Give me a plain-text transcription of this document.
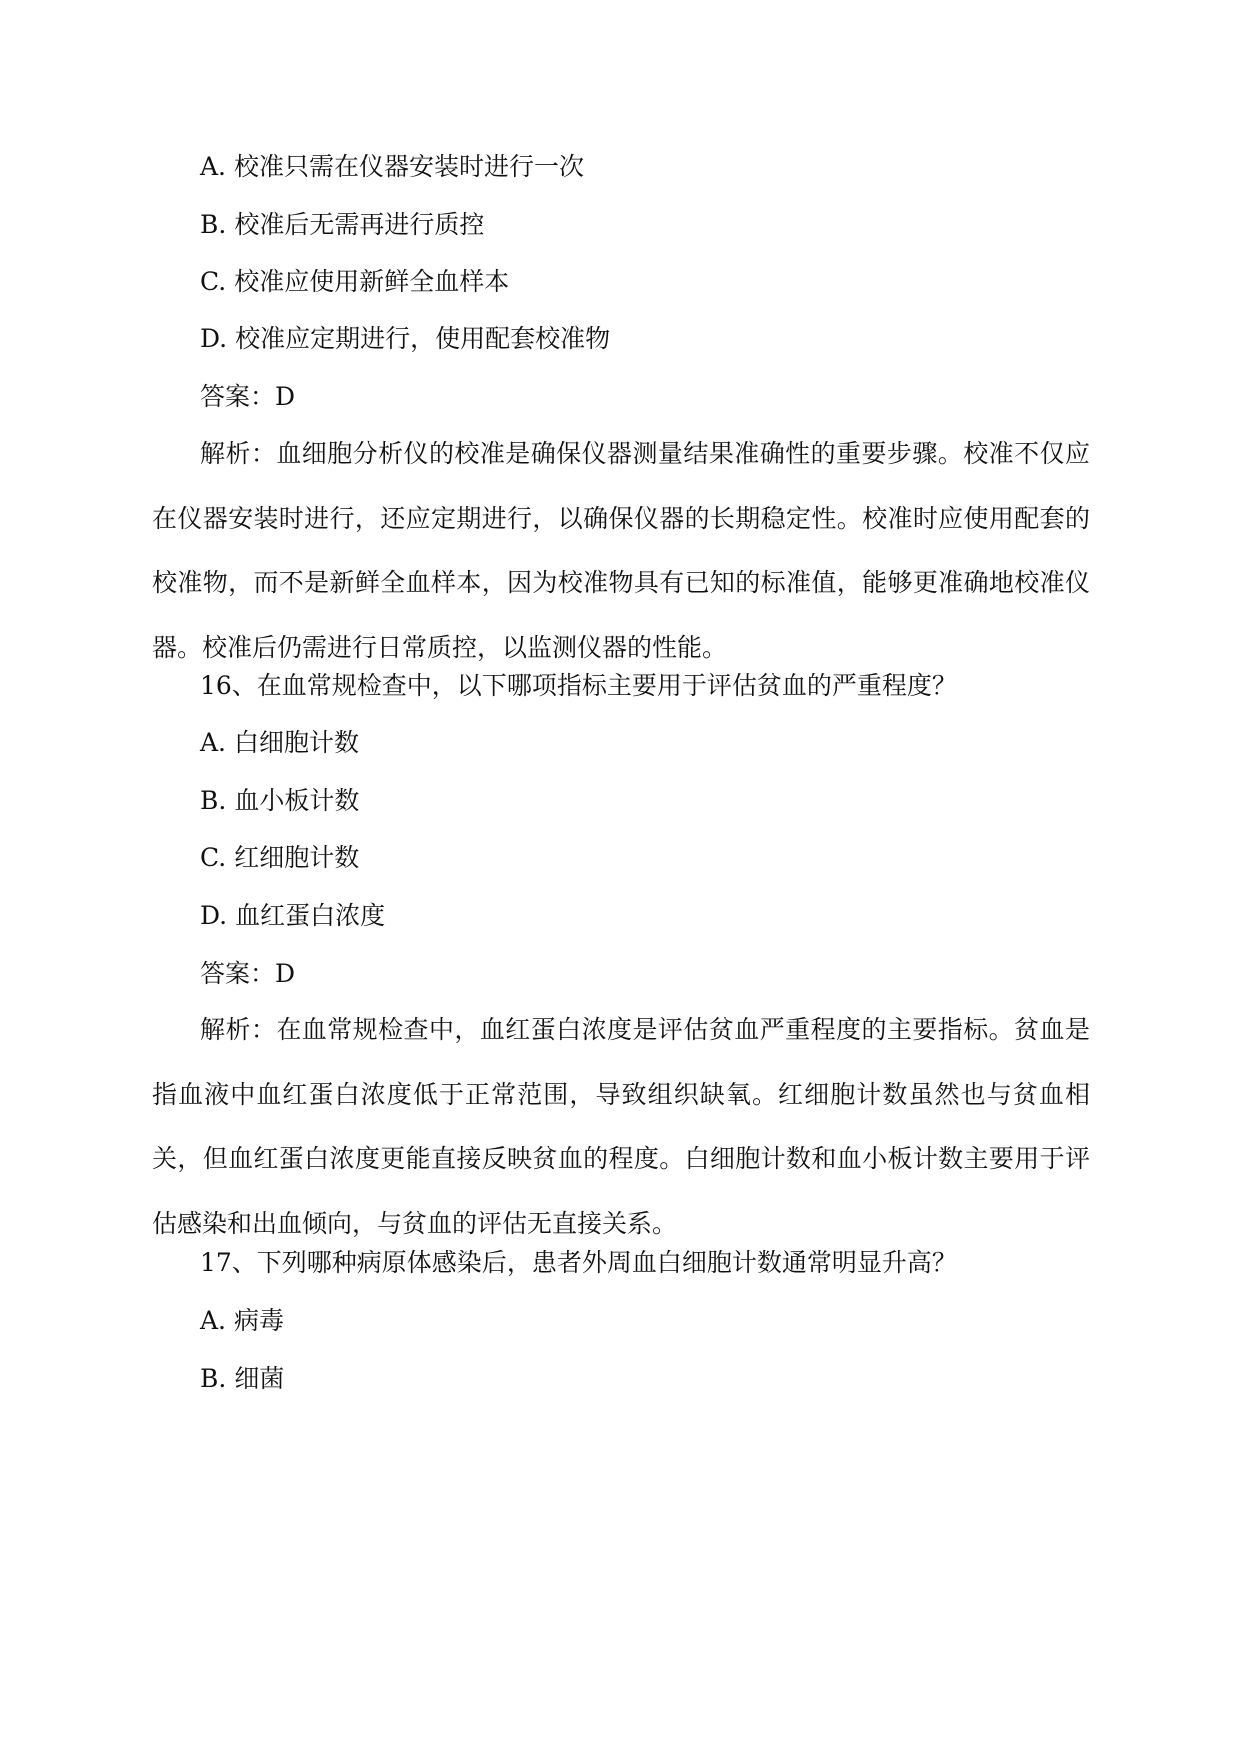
A. 校准只需在仪器安装时进行一次
B. 校准后无需再进行质控
C. 校准应使用新鲜全血样本
D. 校准应定期进行，使用配套校准物
答案：D

解析：血细胞分析仪的校准是确保仪器测量结果准确性的重要步骤。校准不仅应在仪器安装时进行，还应定期进行，以确保仪器的长期稳定性。校准时应使用配套的校准物，而不是新鲜全血样本，因为校准物具有已知的标准值，能够更准确地校准仪器。校准后仍需进行日常质控，以监测仪器的性能。

16、在血常规检查中，以下哪项指标主要用于评估贫血的严重程度？
A. 白细胞计数
B. 血小板计数
C. 红细胞计数
D. 血红蛋白浓度
答案：D

解析：在血常规检查中，血红蛋白浓度是评估贫血严重程度的主要指标。贫血是指血液中血红蛋白浓度低于正常范围，导致组织缺氧。红细胞计数虽然也与贫血相关，但血红蛋白浓度更能直接反映贫血的程度。白细胞计数和血小板计数主要用于评估感染和出血倾向，与贫血的评估无直接关系。

17、下列哪种病原体感染后，患者外周血白细胞计数通常明显升高？
A. 病毒
B. 细菌
